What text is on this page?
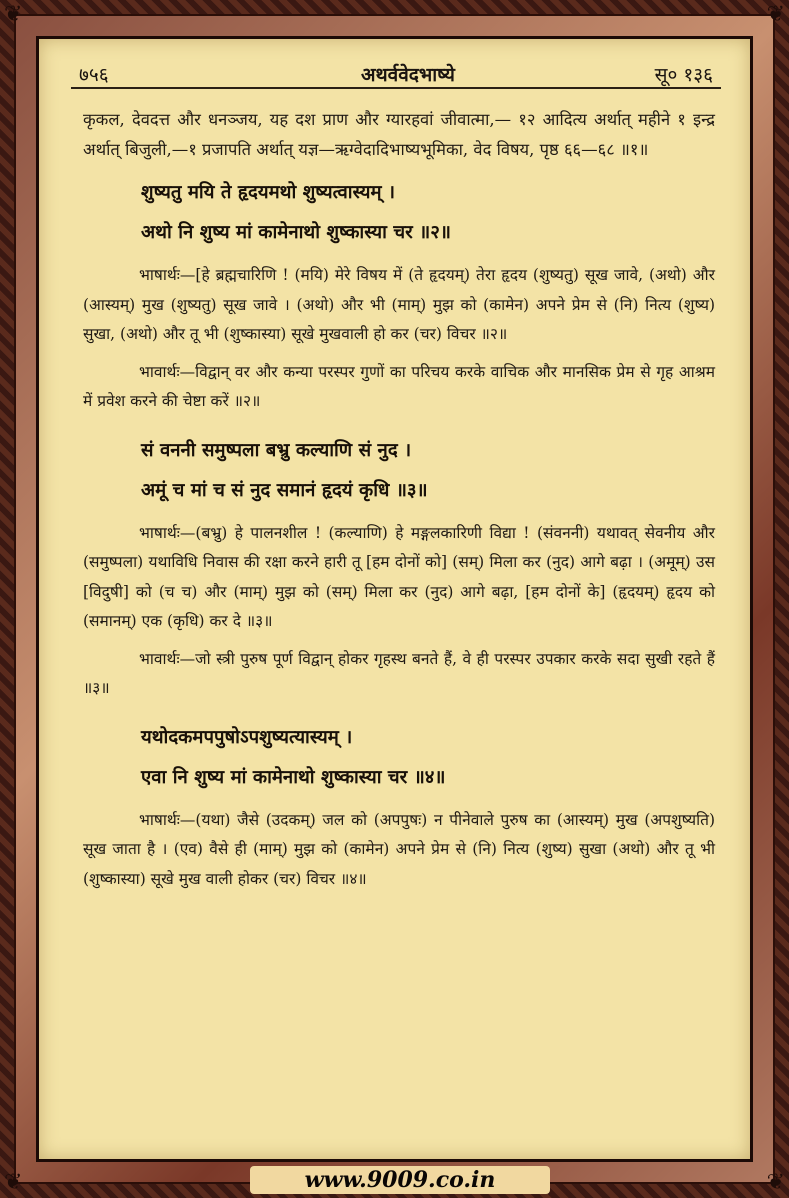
❦	❦
❦	❦
७५६	अथर्ववेदभाष्ये	सू० १३६

कृकल, देवदत्त और धनञ्जय, यह दश प्राण और ग्यारहवां जीवात्मा,— १२ आदित्य अर्थात् महीने १ इन्द्र अर्थात् बिजुली,—१ प्रजापति अर्थात् यज्ञ—ऋग्वेदादिभाष्यभूमिका, वेद विषय, पृष्ठ ६६—६८ ॥१॥

शुष्यतु मयि ते हृदयमथो शुष्यत्वास्यम् ।
अथो नि शुष्य मां कामेनाथो शुष्कास्या चर ॥२॥

भाषार्थः—[हे ब्रह्मचारिणि ! (मयि) मेरे विषय में (ते हृदयम्) तेरा हृदय (शुष्यतु) सूख जावे, (अथो) और (आस्यम्) मुख (शुष्यतु) सूख जावे । (अथो) और भी (माम्) मुझ को (कामेन) अपने प्रेम से (नि) नित्य (शुष्य) सुखा, (अथो) और तू भी (शुष्कास्या) सूखे मुखवाली हो कर (चर) विचर ॥२॥

भावार्थः—विद्वान् वर और कन्या परस्पर गुणों का परिचय करके वाचिक और मानसिक प्रेम से गृह आश्रम में प्रवेश करने की चेष्टा करें ॥२॥

सं वननी समुष्पला बभ्रु कल्याणि सं नुद ।
अमूं च मां च सं नुद समानं हृदयं कृधि ॥३॥

भाषार्थः—(बभ्रु) हे पालनशील ! (कल्याणि) हे मङ्गलकारिणी विद्या ! (संवननी) यथावत् सेवनीय और (समुष्पला) यथाविधि निवास की रक्षा करने हारी तू [हम दोनों को] (सम्) मिला कर (नुद) आगे बढ़ा । (अमूम्) उस [विदुषी] को (च च) और (माम्) मुझ को (सम्) मिला कर (नुद) आगे बढ़ा, [हम दोनों के] (हृदयम्) हृदय को (समानम्) एक (कृधि) कर दे ॥३॥

भावार्थः—जो स्त्री पुरुष पूर्ण विद्वान् होकर गृहस्थ बनते हैं, वे ही परस्पर उपकार करके सदा सुखी रहते हैं ॥३॥

यथोदकमपपुषोऽपशुष्यत्यास्यम् ।
एवा नि शुष्य मां कामेनाथो शुष्कास्या चर ॥४॥

भाषार्थः—(यथा) जैसे (उदकम्) जल को (अपपुषः) न पीनेवाले पुरुष का (आस्यम्) मुख (अपशुष्यति) सूख जाता है । (एव) वैसे ही (माम्) मुझ को (कामेन) अपने प्रेम से (नि) नित्य (शुष्य) सुखा (अथो) और तू भी (शुष्कास्या) सूखे मुख वाली होकर (चर) विचर ॥४॥

www.9009.co.in
